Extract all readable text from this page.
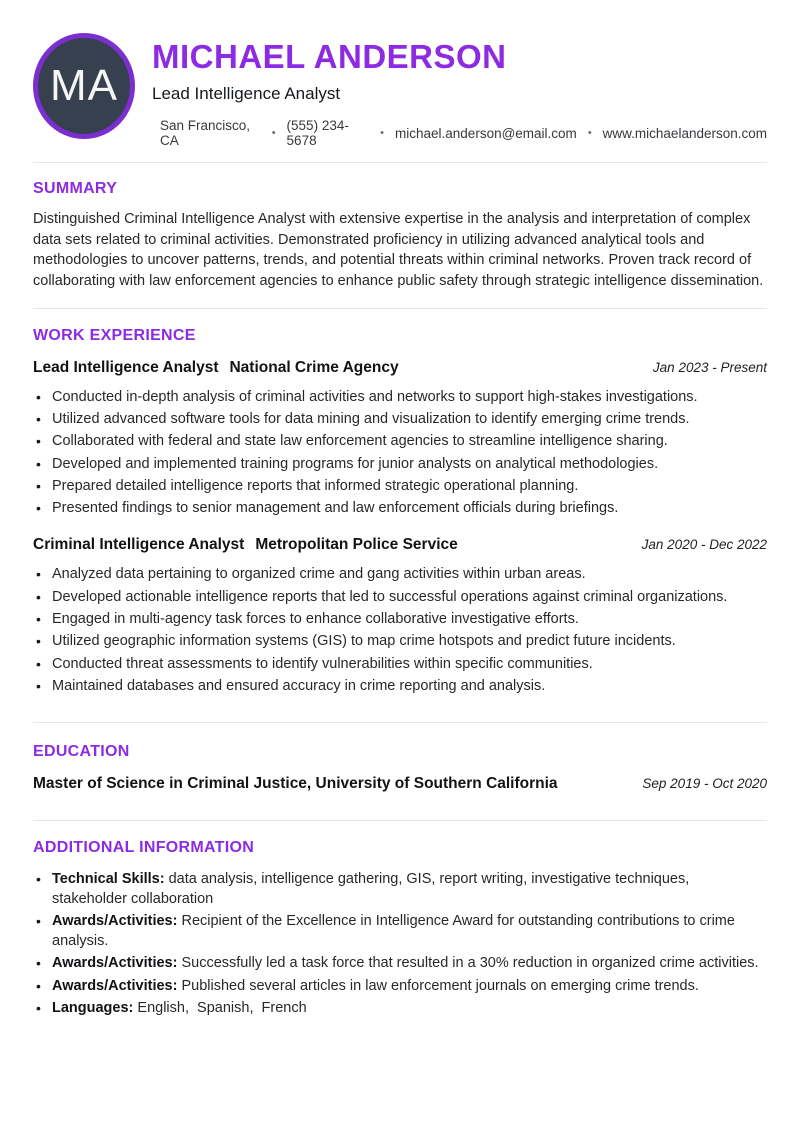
MA
MICHAEL ANDERSON
Lead Intelligence Analyst
San Francisco, CA	• (555) 234-5678	• michael.anderson@email.com • www.michaelanderson.com
SUMMARY

Distinguished Criminal Intelligence Analyst with extensive expertise in the analysis and interpretation of complex data sets related to criminal activities. Demonstrated proficiency in utilizing advanced analytical tools and methodologies to uncover patterns, trends, and potential threats within criminal networks. Proven track record of collaborating with law enforcement agencies to enhance public safety through strategic intelligence dissemination.

WORK EXPERIENCE
Lead Intelligence Analyst National Crime Agency	Jan 2023 - Present
• Conducted in-depth analysis of criminal activities and networks to support high-stakes investigations.
• Utilized advanced software tools for data mining and visualization to identify emerging crime trends.
• Collaborated with federal and state law enforcement agencies to streamline intelligence sharing.
• Developed and implemented training programs for junior analysts on analytical methodologies.
• Prepared detailed intelligence reports that informed strategic operational planning.
• Presented findings to senior management and law enforcement officials during briefings.
Criminal Intelligence Analyst Metropolitan Police Service	Jan 2020 - Dec 2022
• Analyzed data pertaining to organized crime and gang activities within urban areas.
• Developed actionable intelligence reports that led to successful operations against criminal organizations.
• Engaged in multi-agency task forces to enhance collaborative investigative efforts.
• Utilized geographic information systems (GIS) to map crime hotspots and predict future incidents.
• Conducted threat assessments to identify vulnerabilities within specific communities.
• Maintained databases and ensured accuracy in crime reporting and analysis.
EDUCATION
Master of Science in Criminal Justice, University of Southern California	Sep 2019 - Oct 2020
ADDITIONAL INFORMATION
• Technical Skills: data analysis, intelligence gathering, GIS, report writing, investigative techniques, stakeholder collaboration
• Awards/Activities: Recipient of the Excellence in Intelligence Award for outstanding contributions to crime analysis.
• Awards/Activities: Successfully led a task force that resulted in a 30% reduction in organized crime activities.
• Awards/Activities: Published several articles in law enforcement journals on emerging crime trends.
• Languages: English,  Spanish,  French
